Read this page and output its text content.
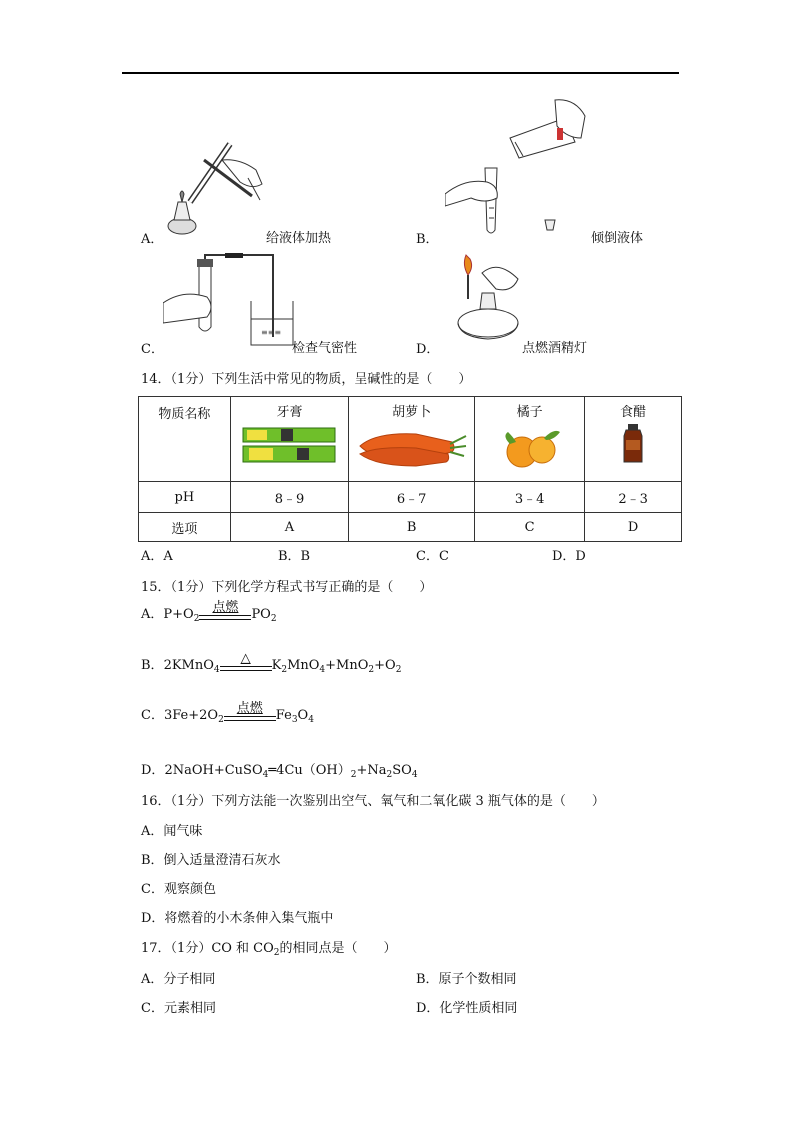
A．	给液体加热	B．	倾倒液体
≡≡≡
C．	检查气密性	D．	点燃酒精灯
14．（1分）下列生活中常见的物质，呈碱性的是（　　）
物质名称	牙膏	胡萝卜	橘子	食醋

pH	8﹣9	6﹣7	3﹣4	2﹣3
选项	A	B	C	D
A．A	B．B	C．C	D．D
15．（1分）下列化学方程式书写正确的是（　　）
A．$P+O_2$
点燃	$PO_2$
B．2KMnO$_4$
△	$K_2MnO_4+MnO_2+O_2$
C．$3Fe+2O_2$
点燃	$Fe_3O_4$
D．$2NaOH+CuSO_4═4Cu(OH)_2+Na_2SO_4$
16．（1分）下列方法能一次鉴别出空气、氧气和二氧化碳 3 瓶气体的是（　　）
A．闻气味
B．倒入适量澄清石灰水
C．观察颜色
D．将燃着的小木条伸入集气瓶中
17．（1分）CO 和 $CO_2$的相同点是（　　）
A．分子相同	B．原子个数相同
C．元素相同	D．化学性质相同
